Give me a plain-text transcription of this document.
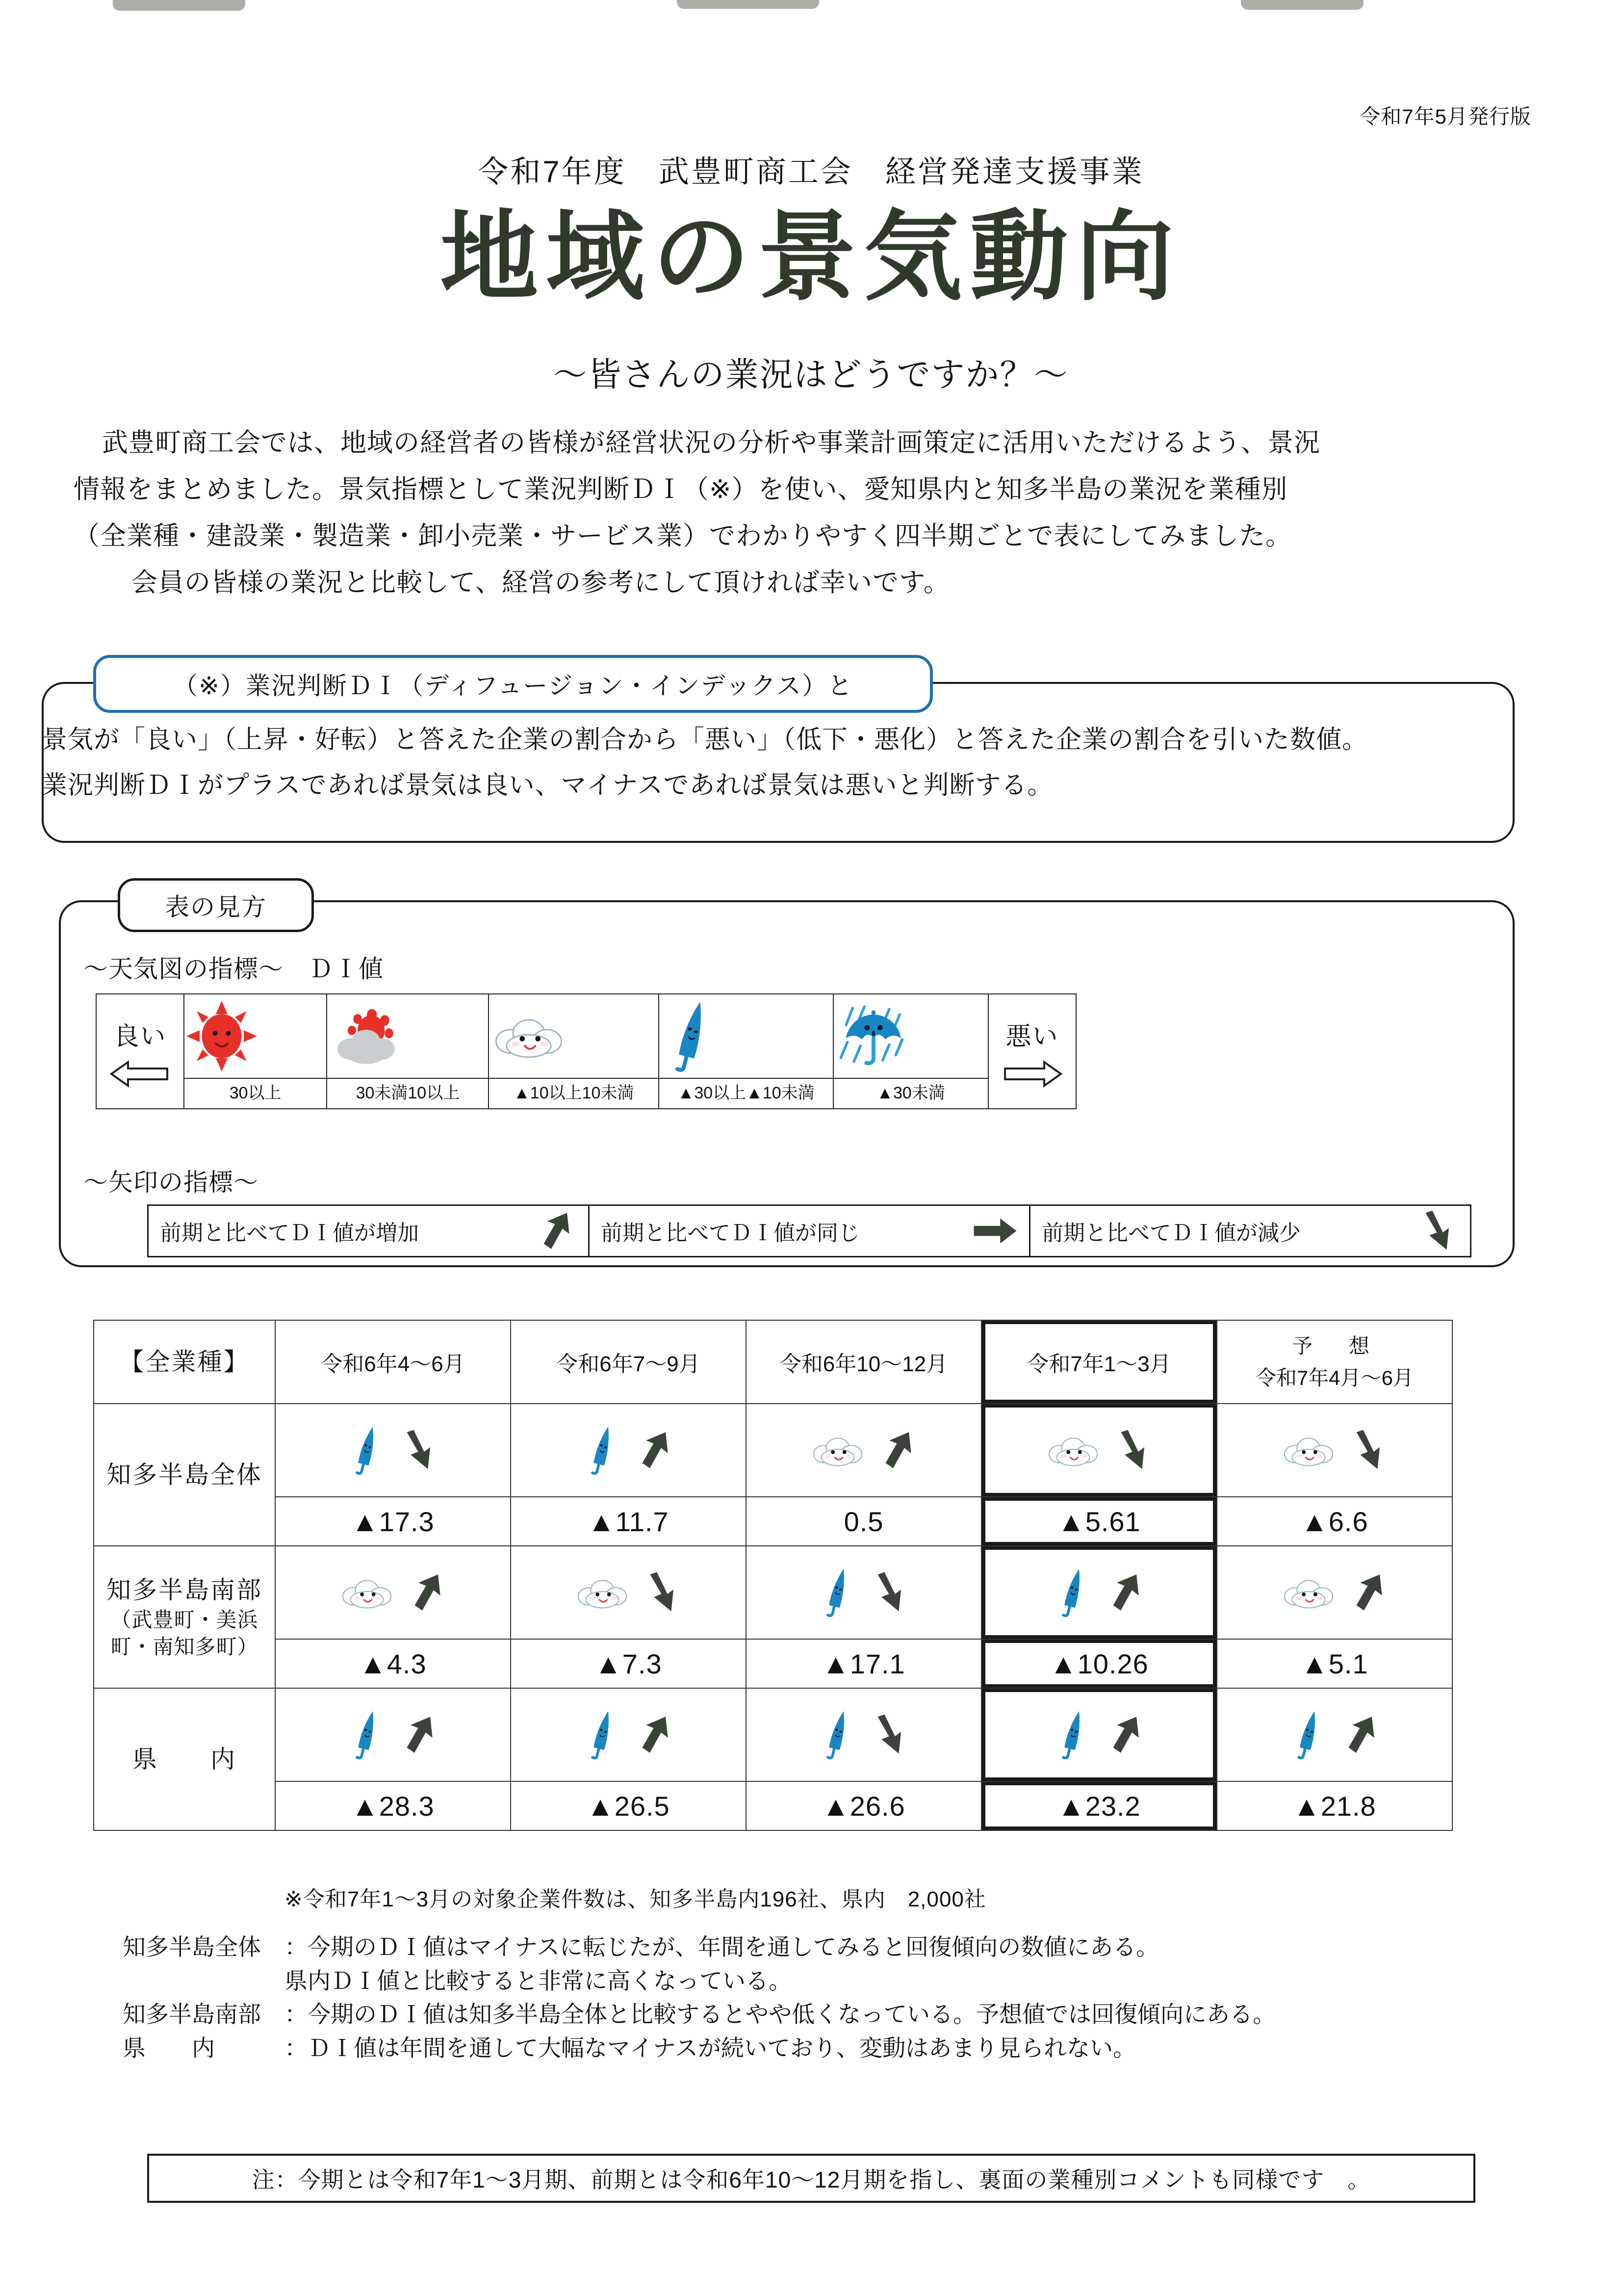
令和7年5月発行版
令和7年度　武豊町商工会　経営発達支援事業
地域の景気動向
～皆さんの業況はどうですか？～

武豊町商工会では、地域の経営者の皆様が経営状況の分析や事業計画策定に活用いただけるよう、景況

情報をまとめました。景気指標として業況判断ＤＩ（※）を使い、愛知県内と知多半島の業況を業種別

（全業種・建設業・製造業・卸小売業・サービス業）でわかりやすく四半期ごとで表にしてみました。

会員の皆様の業況と比較して、経営の参考にして頂ければ幸いです。

（※）業況判断ＤＩ（ディフュージョン・インデックス）と

景気が「良い」（上昇・好転）と答えた企業の割合から「悪い」（低下・悪化）と答えた企業の割合を引いた数値。

業況判断ＤＩがプラスであれば景気は良い、マイナスであれば景気は悪いと判断する。

表の見方
～天気図の指標～　ＤＩ値
良い						悪い

	30以上	30未満10以上	▲10以上10未満	▲30以上▲10未満	▲30未満	
～矢印の指標～
前期と比べてＤＩ値が増加	前期と比べてＤＩ値が同じ	前期と比べてＤＩ値が減少
【全業種】	令和6年4～6月	令和6年7～9月	令和6年10～12月	令和7年1～3月	予　想
令和7年4月～6月

知多半島全体	

	▲17.3	▲11.7	0.5	▲5.61	▲6.6

知多半島南部
（武豊町・美浜町・南知多町）

	▲4.3	▲7.3	▲17.1	▲10.26	▲5.1
県　　内	

	▲28.3	▲26.5	▲26.6	▲23.2	▲21.8
※令和7年1～3月の対象企業件数は、知多半島内196社、県内　2,000社
知多半島全体	：今期のＤＩ値はマイナスに転じたが、年間を通してみると回復傾向の数値にある。
県内ＤＩ値と比較すると非常に高くなっている。
知多半島南部	：今期のＤＩ値は知多半島全体と比較するとやや低くなっている。予想値では回復傾向にある。
県　　内	：ＤＩ値は年間を通して大幅なマイナスが続いており、変動はあまり見られない。
注：今期とは令和7年1～3月期、前期とは令和6年10～12月期を指し、裏面の業種別コメントも同様です　。
